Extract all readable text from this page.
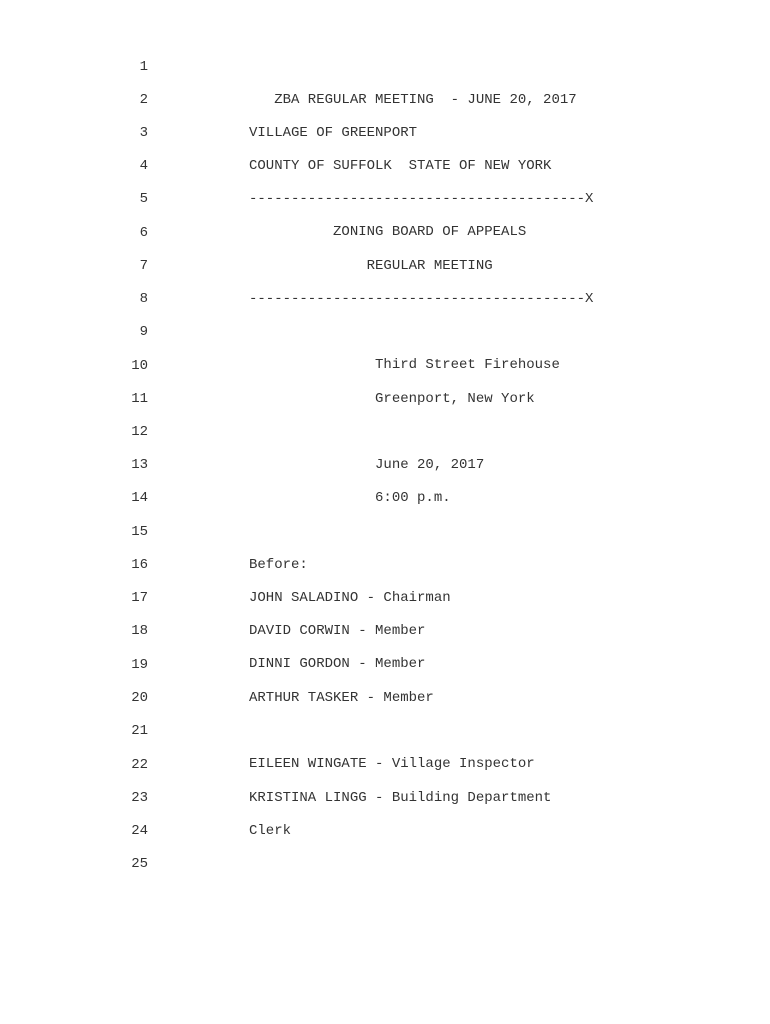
1

ZBA REGULAR MEETING  - JUNE 20, 2017

2

VILLAGE OF GREENPORT

3

COUNTY OF SUFFOLK  STATE OF NEW YORK

4

----------------------------------------X

5

ZONING BOARD OF APPEALS

6

REGULAR MEETING

7

----------------------------------------X

8

9

Third Street Firehouse

10

Greenport, New York

11

12

June 20, 2017

13

6:00 p.m.

14

15

Before:

16

JOHN SALADINO - Chairman

17

DAVID CORWIN - Member

18

DINNI GORDON - Member

19

ARTHUR TASKER - Member

20

21

EILEEN WINGATE - Village Inspector

22

KRISTINA LINGG - Building Department

23

Clerk

24

25
